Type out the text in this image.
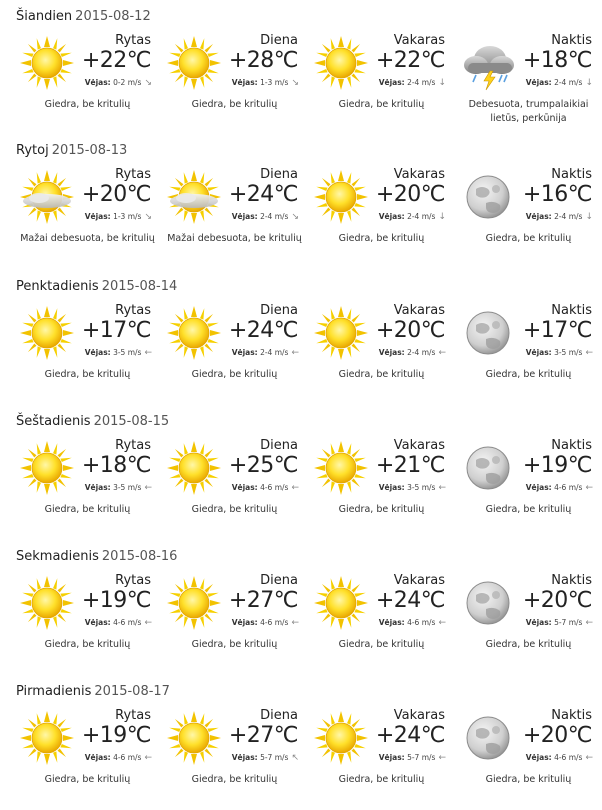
Šiandien 2015-08-12
Rytas
+22℃
Vėjas: 0-2 m/s ↘
Giedra, be kritulių
Diena
+28℃
Vėjas: 1-3 m/s ↘
Giedra, be kritulių
Vakaras
+22℃
Vėjas: 2-4 m/s ↓
Giedra, be kritulių
Naktis
+18℃
Vėjas: 2-4 m/s ↓
Debesuota, trumpalaikiai lietūs, perkūnija
Rytoj 2015-08-13
Rytas
+20℃
Vėjas: 1-3 m/s ↘
Mažai debesuota, be kritulių
Diena
+24℃
Vėjas: 2-4 m/s ↘
Mažai debesuota, be kritulių
Vakaras
+20℃
Vėjas: 2-4 m/s ↓
Giedra, be kritulių
Naktis
+16℃
Vėjas: 2-4 m/s ↓
Giedra, be kritulių
Penktadienis 2015-08-14
Rytas
+17℃
Vėjas: 3-5 m/s ←
Giedra, be kritulių
Diena
+24℃
Vėjas: 2-4 m/s ←
Giedra, be kritulių
Vakaras
+20℃
Vėjas: 2-4 m/s ←
Giedra, be kritulių
Naktis
+17℃
Vėjas: 3-5 m/s ←
Giedra, be kritulių
Šeštadienis 2015-08-15
Rytas
+18℃
Vėjas: 3-5 m/s ←
Giedra, be kritulių
Diena
+25℃
Vėjas: 4-6 m/s ←
Giedra, be kritulių
Vakaras
+21℃
Vėjas: 3-5 m/s ←
Giedra, be kritulių
Naktis
+19℃
Vėjas: 4-6 m/s ←
Giedra, be kritulių
Sekmadienis 2015-08-16
Rytas
+19℃
Vėjas: 4-6 m/s ←
Giedra, be kritulių
Diena
+27℃
Vėjas: 4-6 m/s ←
Giedra, be kritulių
Vakaras
+24℃
Vėjas: 4-6 m/s ←
Giedra, be kritulių
Naktis
+20℃
Vėjas: 5-7 m/s ←
Giedra, be kritulių
Pirmadienis 2015-08-17
Rytas
+19℃
Vėjas: 4-6 m/s ←
Giedra, be kritulių
Diena
+27℃
Vėjas: 5-7 m/s ↖
Giedra, be kritulių
Vakaras
+24℃
Vėjas: 5-7 m/s ←
Giedra, be kritulių
Naktis
+20℃
Vėjas: 4-6 m/s ←
Giedra, be kritulių
